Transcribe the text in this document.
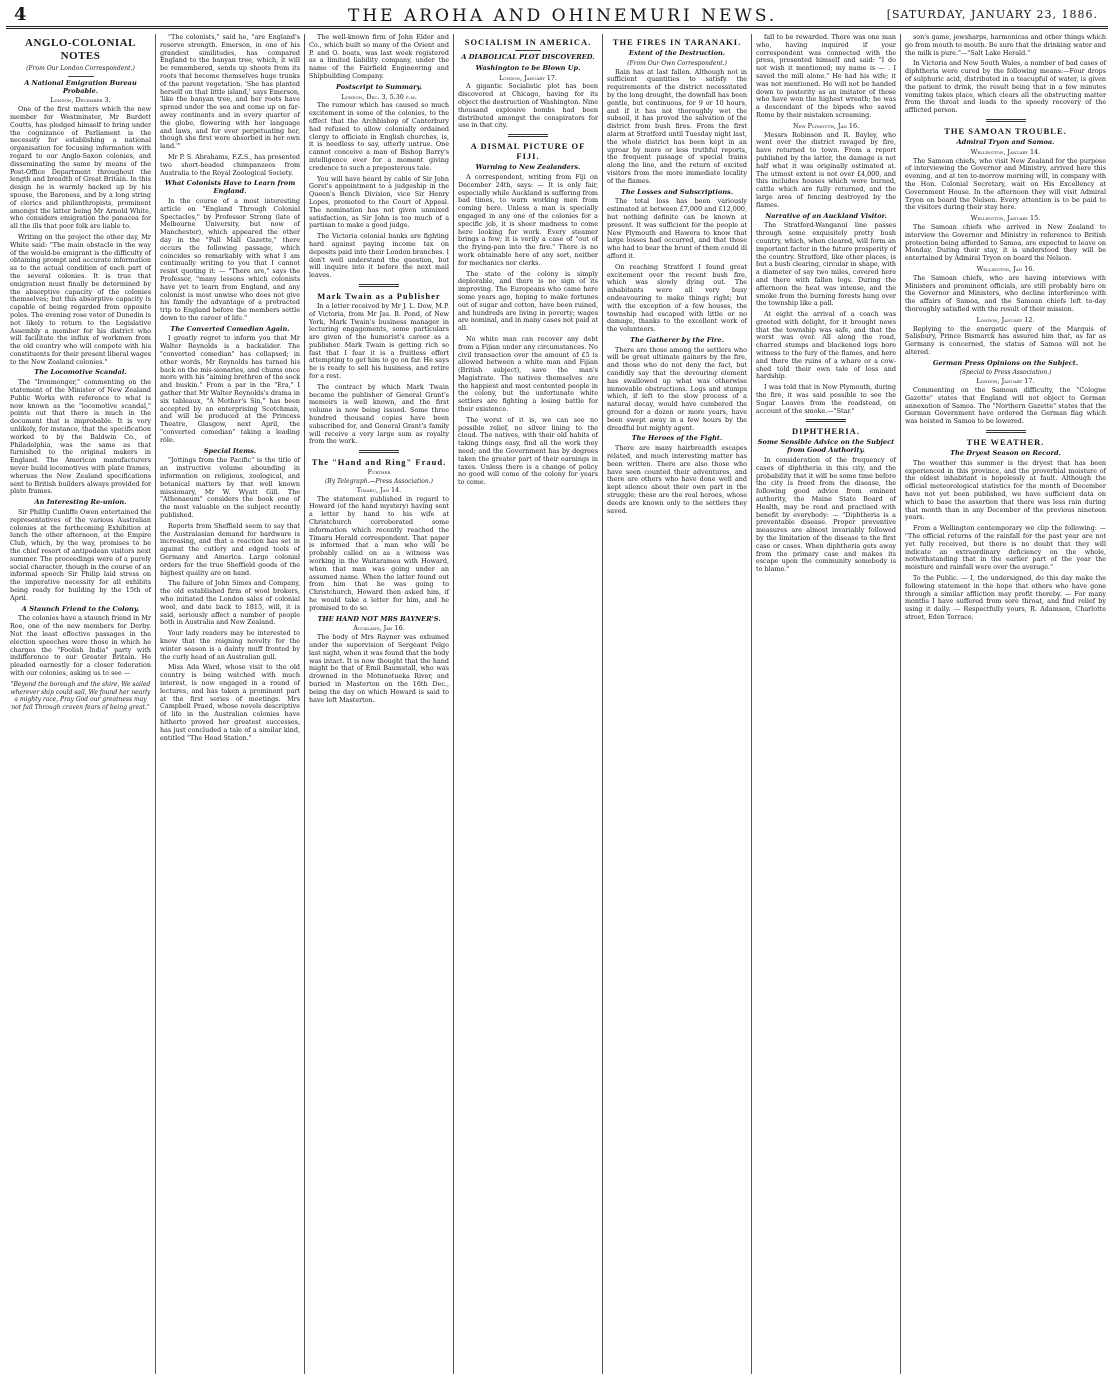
4	THE AROHA AND OHINEMURI NEWS.	[SATURDAY, JANUARY 23, 1886.
ANGLO-COLONIAL NOTES
(From Our London Correspondent.)
A National Emigration Bureau Probable.
London, December 3.

One of the first matters which the new member for Westminster, Mr Burdett Coutts, has pledged himself to bring under the cognizance of Parliament is the necessity for establishing a national organisation for focusing information with regard to our Anglo-Saxon colonies, and disseminating the same by means of the Post-Office Department throughout the length and breadth of Great Britain. In this design he is warmly backed up by his spouse, the Baroness, and by a long string of clerics and philanthropists, prominent amongst the latter being Mr Arnold White, who considers emigration the panacea for all the ills that poor folk are liable to.

Writing on the project the other day, Mr White said: "The main obstacle in the way of the would-be emigrant is the difficulty of obtaining prompt and accurate information as to the actual condition of each part of the several colonies. It is true that emigration must finally be determined by the absorptive capacity of the colonies themselves; but this absorptive capacity is capable of being regarded from opposite poles. The evening rose voter of Dunedin is not likely to return to the Legislative Assembly a member for his district who will facilitate the influx of workmen from the old country who will compete with his constituents for their present liberal wages to the New Zealand colonies."

The Locomotive Scandal.

The "Ironmonger," commenting on the statement of the Minister of New Zealand Public Works with reference to what is now known as the "locomotive scandal," points out that there is much in the document that is improbable. It is very unlikely, for instance, that the specification worked to by the Baldwin Co., of Philadelphia, was the same as that furnished to the original makers in England. The American manufacturers never build locomotives with plate frames, whereas the New Zealand specifications sent to British builders always provided for plate frames.

An Interesting Re-union.

Sir Phillip Cunliffe Owen entertained the representatives of the various Australian colonies at the forthcoming Exhibition at lunch the other afternoon, at the Empire Club, which, by the way, promises to be the chief resort of antipodean visitors next summer. The proceedings were of a purely social character, though in the course of an informal speech Sir Philip laid stress on the imperative necessity for all exhibits being ready for building by the 15th of April.

A Staunch Friend to the Colony.

The colonies have a staunch friend in Mr Roe, one of the new members for Derby. Not the least effective passages in the election speeches were those in which he charges the "Foolish India" party with indifference to our Greater Britain. He pleaded earnestly for a closer federation with our colonies, asking us to see —

"Beyond the borough and the shire, We sailed wherever ship could sail, We found her nearly a mighty race, Pray God our greatness may not fail Through craven fears of being great."

"The colonists," said he, "are England's reserve strength. Emerson, in one of his grandest similitudes, has compared England to the banyan tree, which, it will be remembered, sends up shoots from its roots that become themselves huge trunks of the parent vegetation. 'She has planted herself on that little island,' says Emerson, 'like the banyan tree, and her roots have spread under the sea and come up on far-away continents and in every quarter of the globe, flowering with her language and laws, and for ever perpetuating her, though she first were absorbed in her own land.'"

Mr P. S. Abrahams, F.Z.S., has presented two short-headed chimpanzees from Australia to the Royal Zoological Society.

What Colonists Have to Learn from England.

In the course of a most interesting article on "England Through Colonial Spectacles," by Professor Strong (late of Melbourne University, but now of Manchester), which appeared the other day in the "Pall Mall Gazette," there occurs the following passage, which coincides so remarkably with what I am continually writing to you that I cannot resist quoting it: — "There are," says the Professor, "many lessons which colonists have yet to learn from England, and any colonist is most unwise who does not give his family the advantage of a protracted trip to England before the members settle down to the career of life."

The Converted Comedian Again.

I greatly regret to inform you that Mr Walter Reynolds is a backslider. The "converted comedian" has collapsed; in other words, Mr Reynolds has turned his back on the mis-sionaries, and chums once more with his "aiming brethren of the sock and buskin." From a par in the "Era," I gather that Mr Walter Reynolds's drama in six tableaux, "A Mother's Sin," has been accepted by an enterprising Scotchman, and will be produced at the Princess Theatre, Glasgow, next April, the "converted comedian" taking a leading rôle.

Special Items.

"Jottings from the Pacific" is the title of an instructive volume abounding in information on religious, zoological, and botanical matters by that well known missionary, Mr W. Wyatt Gill. The "Athenaeum" considers the book one of the most valuable on the subject recently published.

Reports from Sheffield seem to say that the Australasian demand for hardware is increasing, and that a reaction has set in against the cutlery and edged tools of Germany and America. Large colonial orders for the true Sheffield goods of the highest quality are on hand.

The failure of John Simes and Company, the old established firm of wool brokers, who initiated the London sales of colonial wool, and date back to 1815, will, it is said, seriously affect a number of people both in Australia and New Zealand.

Your lady readers may be interested to know that the reigning novelty for the winter season is a dainty muff fronted by the curly head of an Australian gull.

Miss Ada Ward, whose visit to the old country is being watched with much interest, is now engaged in a round of lectures, and has taken a prominent part at the first series of meetings. Mrs Campbell Praed, whose novels descriptive of life in the Australian colonies have hitherto proved her greatest successes, has just concluded a tale of a similar kind, entitled "The Head Station."

The well-known firm of John Elder and Co., which built so many of the Orient and P. and O. boats, was last week registered as a limited liability company, under the name of the Fairfield Engineering and Shipbuilding Company.

Postscript to Summary.
London, Dec. 3, 5.30 p.m.

The rumour which has caused so much excitement in some of the colonies, to the effect that the Archbishop of Canterbury had refused to allow colonially ordained clergy to officiate in English churches, is, it is needless to say, utterly untrue. One cannot conceive a man of Bishop Barry's intelligence ever for a moment giving credence to such a preposterous tale.

You will have heard by cable of Sir John Gorst's appointment to a judgeship in the Queen's Bench Division, vice Sir Henry Lopes, promoted to the Court of Appeal. The nomination has not given unmixed satisfaction, as Sir John is too much of a partisan to make a good judge.

The Victoria colonial banks are fighting hard against paying income tax on deposits paid into their London branches. I don't well understand the question, but will inquire into it before the next mail leaves.

Mark Twain as a Publisher

In a letter received by Mr J. L. Dow, M.P. of Victoria, from Mr Jas. B. Pond, of New York, Mark Twain's business manager in lecturing engagements, some particulars are given of the humorist's career as a publisher. Mark Twain is getting rich so fast that I fear it is a fruitless effort attempting to get him to go on far. He says he is ready to sell his business, and retire for a rest.

The contract by which Mark Twain became the publisher of General Grant's memoirs is well known, and the first volume is now being issued. Some three hundred thousand copies have been subscribed for, and General Grant's family will receive a very large sum as royalty from the work.

The "Hand and Ring" Fraud.
Further
(By Telegraph.—Press Association.)
Timaru, Jan 14.

The statement published in regard to Howard (of the hand mystery) having sent a letter by hand to his wife at Christchurch corroborated some information which recently reached the Timaru Herald correspondent. That paper is informed that a man who will be probably called on as a witness was working in the Waitaramea with Howard, when that man was going under an assumed name. When the latter found out from him that he was going to Christchurch, Howard then asked him, if he would take a letter for him, and he promised to do so.

THE HAND NOT MRS BAYNER'S.
Auckland, Jan 16.

The body of Mrs Rayner was exhumed under the supervision of Sergeant Pelgo last night, when it was found that the body was intact. It is now thought that the hand might be that of Emil Baumstall, who was drowned in the Motunotueka River, and buried in Masterton on the 16th Dec., being the day on which Howard is said to have left Masterton.

SOCIALISM IN AMERICA.
A DIABOLICAL PLOT DISCOVERED.
Washington to be Blown Up.
London, January 17.

A gigantic Socialistic plot has been discovered at Chicago, having for its object the destruction of Washington. Nine thousand explosive bombs had been distributed amongst the conspirators for use in that city.

A DISMAL PICTURE OF FIJI.
Warning to New Zealanders.

A correspondent, writing from Fiji on December 24th, says: — It is only fair, especially while Auckland is suffering from bad times, to warn working men from coming here. Unless a man is specially engaged in any one of the colonies for a specific job, it is sheer madness to come here looking for work. Every steamer brings a few; it is verily a case of "out of the frying-pan into the fire." There is no work obtainable here of any sort, neither for mechanics nor clerks.

The state of the colony is simply deplorable, and there is no sign of its improving. The Europeans who came here some years ago, hoping to make fortunes out of sugar and cotton, have been ruined, and hundreds are living in poverty; wages are nominal, and in many cases not paid at all.

No white man can recover any debt from a Fijian under any circumstances. No civil transaction over the amount of £5 is allowed between a white man and Fijian (British subject), save the man's Magistrate. The natives themselves are the happiest and most contented people in the colony, but the unfortunate white settlers are fighting a losing battle for their existence.

The worst of it is, we can see no possible relief, no silver lining to the cloud. The natives, with their old habits of taking things easy, find all the work they need; and the Government has by degrees taken the greater part of their earnings in taxes. Unless there is a change of policy no good will come of the colony for years to come.

THE FIRES IN TARANAKI.
Extent of the Destruction.
(From Our Own Correspondent.)

Rain has at last fallen. Although not in sufficient quantities to satisfy the requirements of the district necessitated by the long drought, the downfall has been gentle, but continuous, for 9 or 10 hours, and if it has not thoroughly wet the subsoil, it has proved the salvation of the district from bush fires. From the first alarm at Stratford until Tuesday night last, the whole district has been kept in an uproar by more or less truthful reports, the frequent passage of special trains along the line, and the return of excited visitors from the more immediate locality of the flames.

The Losses and Subscriptions.

The total loss has been variously estimated at between £7,000 and £12,000, but nothing definite can be known at present. It was sufficient for the people at New Plymouth and Hawera to know that large losses had occurred, and that those who had to bear the brunt of them could ill afford it.

On reaching Stratford I found great excitement over the recent bush fire, which was slowly dying out. The inhabitants were all very busy endeavouring to make things right; but with the exception of a few houses, the township had escaped with little or no damage, thanks to the excellent work of the volunteers.

The Gatherer by the Fire.

There are those among the settlers who will be great ultimate gainers by the fire, and those who do not deny the fact, but candidly say that the devouring element has swallowed up what was otherwise immovable obstructions. Logs and stumps which, if left to the slow process of a natural decay, would have cumbered the ground for a dozen or more years, have been swept away in a few hours by the dreadful but mighty agent.

The Heroes of the Fight.

There are many hairbreadth escapes related, and much interesting matter has been written. There are also those who have seen counted their adventures, and there are others who have done well and kept silence about their own part in the struggle; these are the real heroes, whose deeds are known only to the settlers they saved.

fall to be rewarded. There was one man who, having inquired if your correspondent was connected with the press, presented himself and said: "I do not wish it mentioned; my name is — . I saved the mill alone." He had his wife; it was not mentioned. He will not be handed down to posterity as an imitator of those who have won the highest wreath; he was a descendant of the bipeds who saved Rome by their mistaken screaming.

New Plymouth, Jan 16.

Messrs Robinson and R. Bayley, who went over the district ravaged by fire, have returned to town. From a report published by the latter, the damage is not half what it was originally estimated at. The utmost extent is not over £4,000, and this includes houses which were burned, cattle which are fully returned, and the large area of fencing destroyed by the flames.

Narrative of an Auckland Visitor.

The Stratford-Wanganui line passes through some exquisitely pretty bush country, which, when cleared, will form an important factor in the future prosperity of the country. Stratford, like other places, is but a bush clearing, circular in shape, with a diameter of say two miles, covered here and there with fallen logs. During the afternoon the heat was intense, and the smoke from the burning forests hung over the township like a pall.

At eight the arrival of a coach was greeted with delight, for it brought news that the township was safe, and that the worst was over. All along the road, charred stumps and blackened logs bore witness to the fury of the flames, and here and there the ruins of a whare or a cow-shed told their own tale of loss and hardship.

I was told that in New Plymouth, during the fire, it was said possible to see the Sugar Loaves from the roadstead, on account of the smoke.—"Star."

DIPHTHERIA.
Some Sensible Advice on the Subject from Good Authority.

In consideration of the frequency of cases of diphtheria in this city, and the probability that it will be some time before the city is freed from the disease, the following good advice from eminent authority, the Maine State Board of Health, may be read and practised with benefit by everybody: — "Diphtheria is a preventable disease. Proper preventive measures are almost invariably followed by the limitation of the disease to the first case or cases. When diphtheria gets away from the primary case and makes its escape upon the community somebody is to blame."

son's game, jewsharps, harmonicas and other things which go from mouth to mouth. Be sure that the drinking water and the milk is pure."—"Salt Lake Herald."

In Victoria and New South Wales, a number of bad cases of diphtheria were cured by the following means:—Four drops of sulphuric acid, distributed in a teacupful of water, is given the patient to drink, the result being that in a few minutes vomiting takes place, which clears all the obstructing matter from the throat and leads to the speedy recovery of the afflicted person.

THE SAMOAN TROUBLE.
Admiral Tryon and Samoa.
Wellington, January 14.

The Samoan chiefs, who visit New Zealand for the purpose of interviewing the Governor and Ministry, arrived here this evening, and at ten to-morrow morning will, in company with the Hon. Colonial Secretary, wait on His Excellency at Government House. In the afternoon they will visit Admiral Tryon on board the Nelson. Every attention is to be paid to the visitors during their stay here.

Wellington, January 15.

The Samoan chiefs who arrived in New Zealand to interview the Governor and Ministry in reference to British protection being afforded to Samoa, are expected to leave on Monday. During their stay, it is understood they will be entertained by Admiral Tryon on board the Nelson.

Wellington, Jan 16.

The Samoan chiefs, who are having interviews with Ministers and prominent officials, are still probably here on the Governor and Ministers, who decline interference with the affairs of Samoa, and the Samoan chiefs left to-day thoroughly satisfied with the result of their mission.

London, January 12.

Replying to the energetic query of the Marquis of Salisbury, Prince Bismarck has assured him that, as far as Germany is concerned, the status of Samoa will not be altered.

German Press Opinions on the Subject.
(Special to Press Association.)
London, January 17.

Commenting on the Samoan difficulty, the "Cologne Gazette" states that England will not object to German annexation of Samoa. The "Northern Gazette" states that the German Government have ordered the German flag which was hoisted in Samoa to be lowered.

THE WEATHER.
The Dryest Season on Record.

The weather this summer is the dryest that has been experienced in this province, and the proverbial moisture of the oldest inhabitant is hopelessly at fault. Although the official meteorological statistics for the month of December have not yet been published, we have sufficient data on which to base the assertion that there was less rain during that month than in any December of the previous nineteen years.

From a Wellington contemporary we clip the following: — "The official returns of the rainfall for the past year are not yet fully received, but there is no doubt that they will indicate an extraordinary deficiency on the whole, notwithstanding that in the earlier part of the year the moisture and rainfall were over the average."

To the Public. — I, the undersigned, do this day make the following statement in the hope that others who have gone through a similar affliction may profit thereby. — For many months I have suffered from sore throat, and find relief by using it daily. — Respectfully yours, R. Adamson, Charlotte street, Eden Terrace.
